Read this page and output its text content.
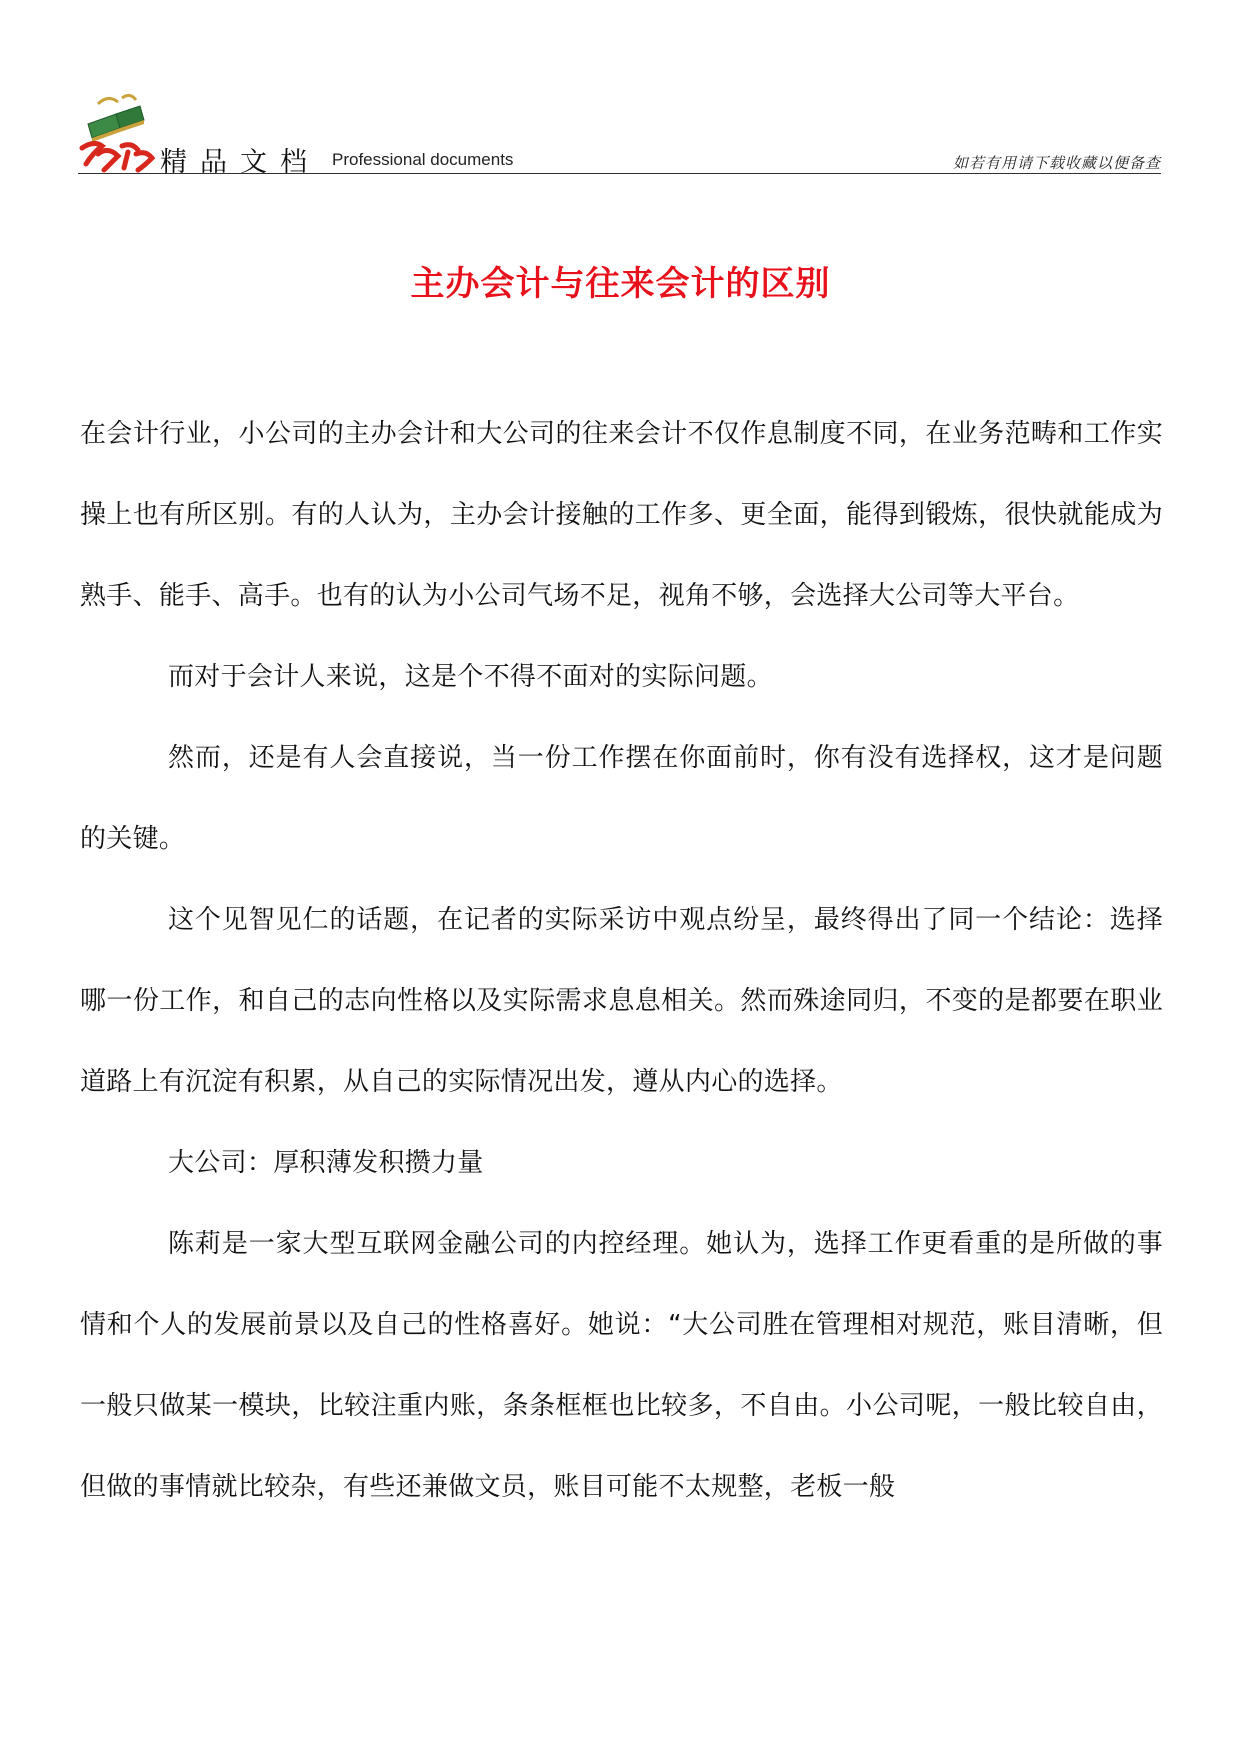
精品文档 Professional documents	如若有用请下载收藏以便备查
主办会计与往来会计的区别

在会计行业，小公司的主办会计和大公司的往来会计不仅作息制度不同，在业务范畴和工作实操上也有所区别。有的人认为，主办会计接触的工作多、更全面，能得到锻炼，很快就能成为熟手、能手、高手。也有的认为小公司气场不足，视角不够，会选择大公司等大平台。

而对于会计人来说，这是个不得不面对的实际问题。

然而，还是有人会直接说，当一份工作摆在你面前时，你有没有选择权，这才是问题的关键。

这个见智见仁的话题，在记者的实际采访中观点纷呈，最终得出了同一个结论：选择哪一份工作，和自己的志向性格以及实际需求息息相关。然而殊途同归，不变的是都要在职业道路上有沉淀有积累，从自己的实际情况出发，遵从内心的选择。

大公司：厚积薄发积攒力量

陈莉是一家大型互联网金融公司的内控经理。她认为，选择工作更看重的是所做的事情和个人的发展前景以及自己的性格喜好。她说：“大公司胜在管理相对规范，账目清晰，但一般只做某一模块，比较注重内账，条条框框也比较多，不自由。小公司呢，一般比较自由，但做的事情就比较杂，有些还兼做文员，账目可能不太规整，老板一般
